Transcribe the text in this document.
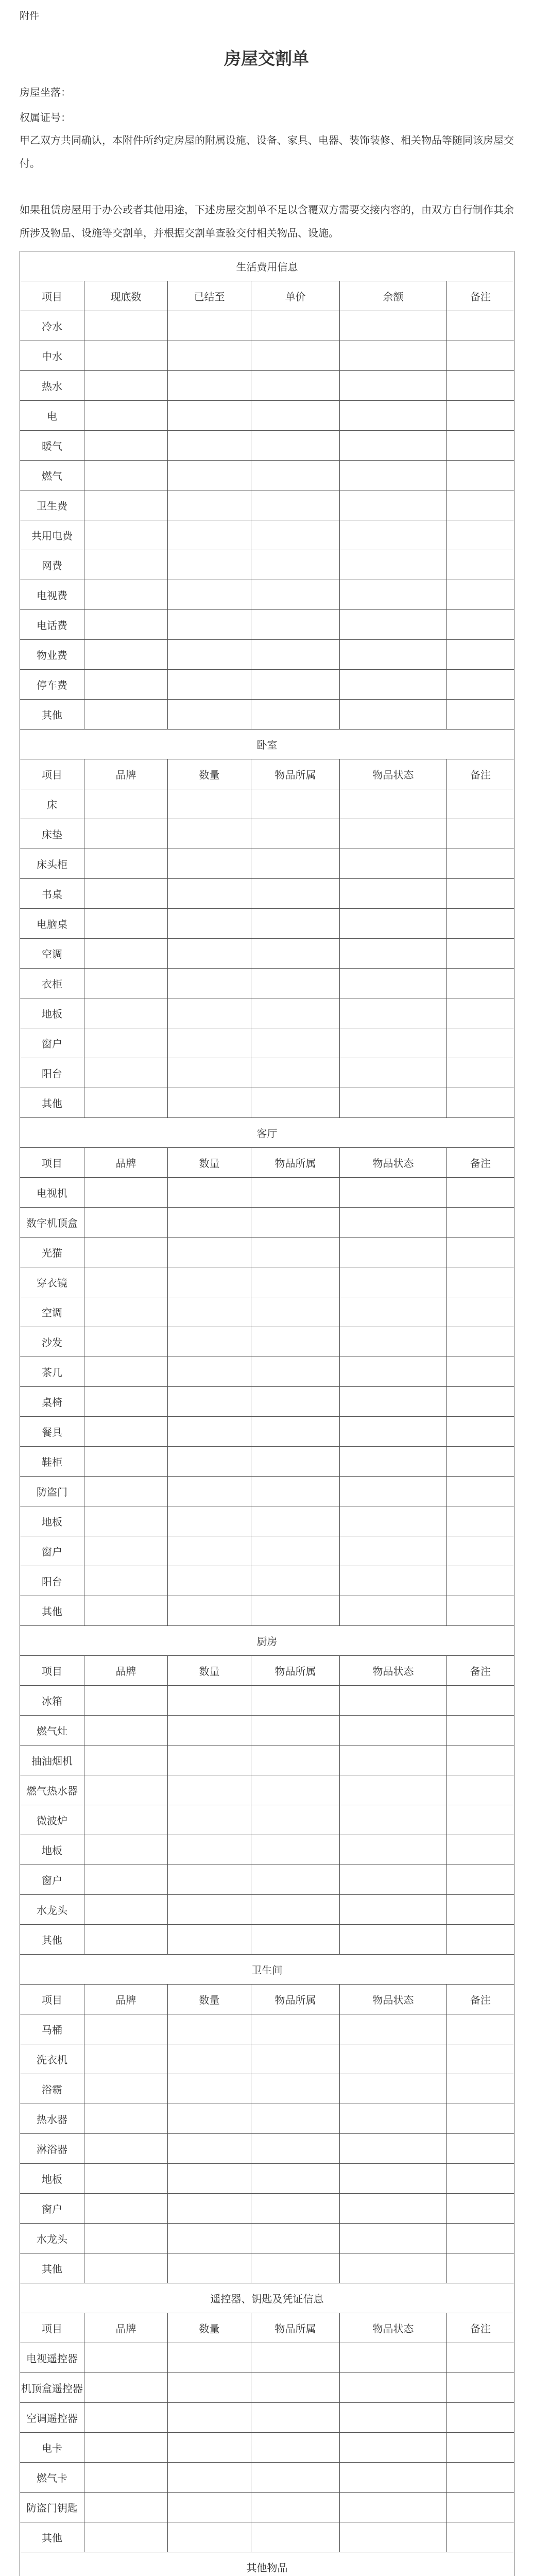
附件
房屋交割单
房屋坐落：
权属证号：
甲乙双方共同确认，本附件所约定房屋的附属设施、设备、家具、电器、装饰装修、相关物品等随同该房屋交付。
如果租赁房屋用于办公或者其他用途，下述房屋交割单不足以含覆双方需要交接内容的，由双方自行制作其余所涉及物品、设施等交割单，并根据交割单查验交付相关物品、设施。
生活费用信息					
项目	现底数	已结至	单价	余额	备注
冷水					
中水					
热水					
电					
暖气					
燃气					
卫生费					
共用电费					
网费					
电视费					
电话费					
物业费					
停车费					
其他					
卧室					
项目	品牌	数量	物品所属	物品状态	备注
床					
床垫					
床头柜					
书桌					
电脑桌					
空调					
衣柜					
地板					
窗户					
阳台					
其他					
客厅					
项目	品牌	数量	物品所属	物品状态	备注
电视机					
数字机顶盒					
光猫					
穿衣镜					
空调					
沙发					
茶几					
桌椅					
餐具					
鞋柜					
防盗门					
地板					
窗户					
阳台					
其他					
厨房					
项目	品牌	数量	物品所属	物品状态	备注
冰箱					
燃气灶					
抽油烟机					
燃气热水器					
微波炉					
地板					
窗户					
水龙头					
其他					
卫生间					
项目	品牌	数量	物品所属	物品状态	备注
马桶					
洗衣机					
浴霸					
热水器					
淋浴器					
地板					
窗户					
水龙头					
其他					
遥控器、钥匙及凭证信息					
项目	品牌	数量	物品所属	物品状态	备注
电视遥控器					
机顶盒遥控器					
空调遥控器					
电卡					
燃气卡					
防盗门钥匙					
其他					
其他物品					
